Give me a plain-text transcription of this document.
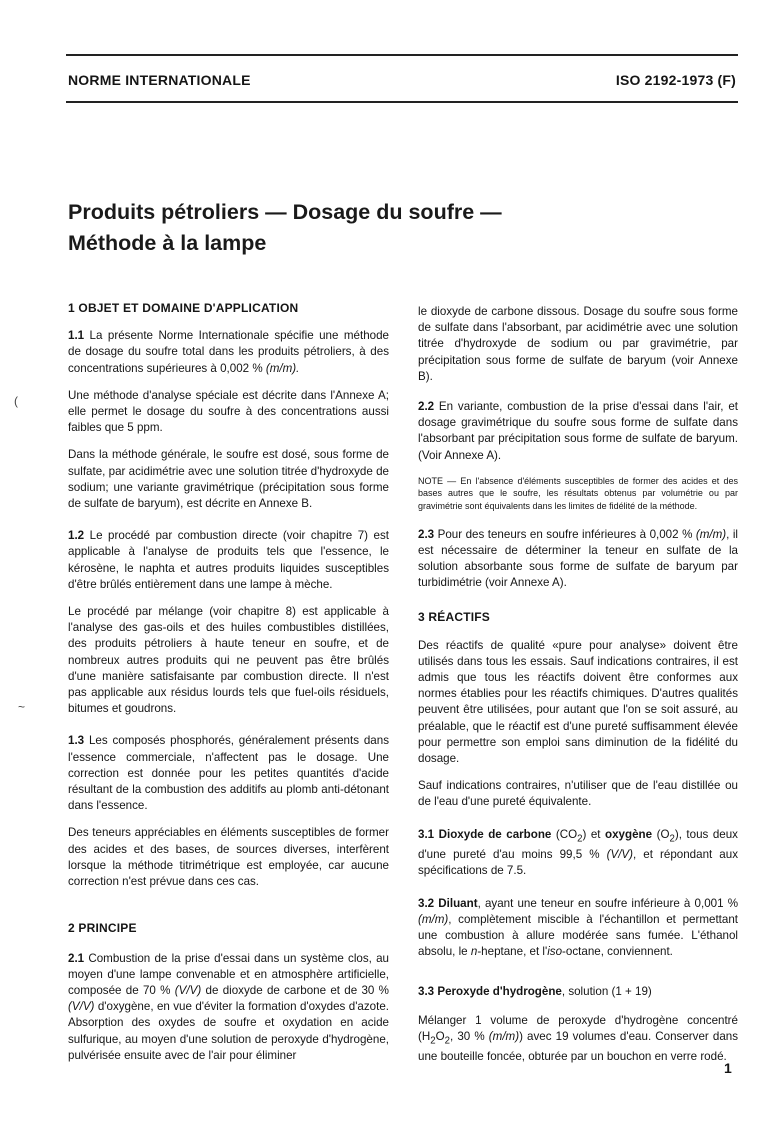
NORME INTERNATIONALE	ISO 2192-1973 (F)
Produits pétroliers — Dosage du soufre —
Méthode à la lampe
(
~
1 OBJET ET DOMAINE D'APPLICATION

1.1 La présente Norme Internationale spécifie une méthode de dosage du soufre total dans les produits pétroliers, à des concentrations supérieures à 0,002 % (m/m).

Une méthode d'analyse spéciale est décrite dans l'Annexe A; elle permet le dosage du soufre à des concentrations aussi faibles que 5 ppm.

Dans la méthode générale, le soufre est dosé, sous forme de sulfate, par acidimétrie avec une solution titrée d'hydroxyde de sodium; une variante gravimétrique (précipitation sous forme de sulfate de baryum), est décrite en Annexe B.

1.2 Le procédé par combustion directe (voir chapitre 7) est applicable à l'analyse de produits tels que l'essence, le kérosène, le naphta et autres produits liquides susceptibles d'être brûlés entièrement dans une lampe à mèche.

Le procédé par mélange (voir chapitre 8) est applicable à l'analyse des gas-oils et des huiles combustibles distillées, des produits pétroliers à haute teneur en soufre, et de nombreux autres produits qui ne peuvent pas être brûlés d'une manière satisfaisante par combustion directe. Il n'est pas applicable aux résidus lourds tels que fuel-oils résiduels, bitumes et goudrons.

1.3 Les composés phosphorés, généralement présents dans l'essence commerciale, n'affectent pas le dosage. Une correction est donnée pour les petites quantités d'acide résultant de la combustion des additifs au plomb anti-détonant dans l'essence.

Des teneurs appréciables en éléments susceptibles de former des acides et des bases, de sources diverses, interfèrent lorsque la méthode titrimétrique est employée, car aucune correction n'est prévue dans ces cas.

2 PRINCIPE

2.1 Combustion de la prise d'essai dans un système clos, au moyen d'une lampe convenable et en atmosphère artificielle, composée de 70 % (V/V) de dioxyde de carbone et de 30 % (V/V) d'oxygène, en vue d'éviter la formation d'oxydes d'azote. Absorption des oxydes de soufre et oxydation en acide sulfurique, au moyen d'une solution de peroxyde d'hydrogène, pulvérisée ensuite avec de l'air pour éliminer

le dioxyde de carbone dissous. Dosage du soufre sous forme de sulfate dans l'absorbant, par acidimétrie avec une solution titrée d'hydroxyde de sodium ou par gravimétrie, par précipitation sous forme de sulfate de baryum (voir Annexe B).

2.2 En variante, combustion de la prise d'essai dans l'air, et dosage gravimétrique du soufre sous forme de sulfate dans l'absorbant par précipitation sous forme de sulfate de baryum. (Voir Annexe A).

NOTE — En l'absence d'éléments susceptibles de former des acides et des bases autres que le soufre, les résultats obtenus par volumétrie ou par gravimétrie sont équivalents dans les limites de fidélité de la méthode.

2.3 Pour des teneurs en soufre inférieures à 0,002 % (m/m), il est nécessaire de déterminer la teneur en sulfate de la solution absorbante sous forme de sulfate de baryum par turbidimétrie (voir Annexe A).

3 RÉACTIFS

Des réactifs de qualité «pure pour analyse» doivent être utilisés dans tous les essais. Sauf indications contraires, il est admis que tous les réactifs doivent être conformes aux normes établies pour les réactifs chimiques. D'autres qualités peuvent être utilisées, pour autant que l'on se soit assuré, au préalable, que le réactif est d'une pureté suffisamment élevée pour permettre son emploi sans diminution de la fidélité du dosage.

Sauf indications contraires, n'utiliser que de l'eau distillée ou de l'eau d'une pureté équivalente.

3.1 Dioxyde de carbone $(CO_2)$ et oxygène $(O_2)$, tous deux d'une pureté d'au moins 99,5 % (V/V), et répondant aux spécifications de 7.5.

3.2 Diluant, ayant une teneur en soufre inférieure à 0,001 % (m/m), complètement miscible à l'échantillon et permettant une combustion à allure modérée sans fumée. L'éthanol absolu, le n-heptane, et l'iso-octane, conviennent.

3.3 Peroxyde d'hydrogène, solution (1 + 19)

Mélanger 1 volume de peroxyde d'hydrogène concentré ($H_2O_2$, 30 % (m/m)) avec 19 volumes d'eau. Conserver dans une bouteille foncée, obturée par un bouchon en verre rodé.

1
